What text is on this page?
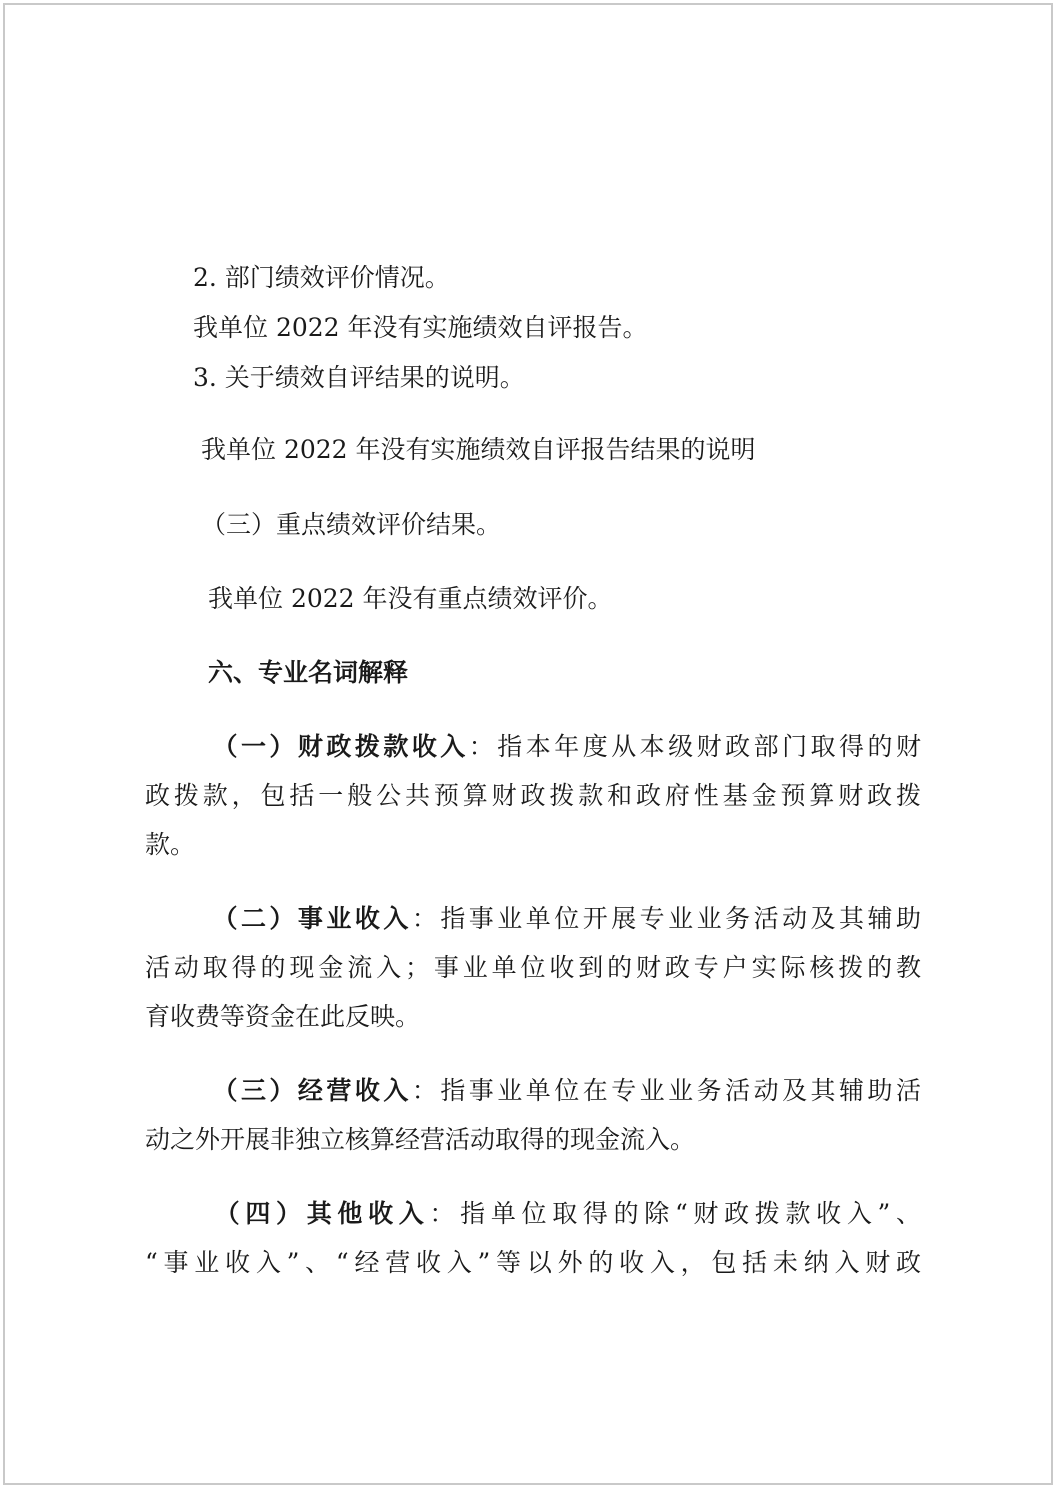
2. 部门绩效评价情况。

我单位 2022 年没有实施绩效自评报告。

3. 关于绩效自评结果的说明。

我单位 2022 年没有实施绩效自评报告结果的说明

（三）重点绩效评价结果。

我单位 2022 年没有重点绩效评价。

六、专业名词解释

（一）财政拨款收入：指本年度从本级财政部门取得的财

政拨款，包括一般公共预算财政拨款和政府性基金预算财政拨

款。

（二）事业收入：指事业单位开展专业业务活动及其辅助

活动取得的现金流入；事业单位收到的财政专户实际核拨的教

育收费等资金在此反映。

（三）经营收入：指事业单位在专业业务活动及其辅助活

动之外开展非独立核算经营活动取得的现金流入。

（四）其他收入：指单位取得的除“财政拨款收入”、

“事业收入”、“经营收入”等以外的收入，包括未纳入财政
